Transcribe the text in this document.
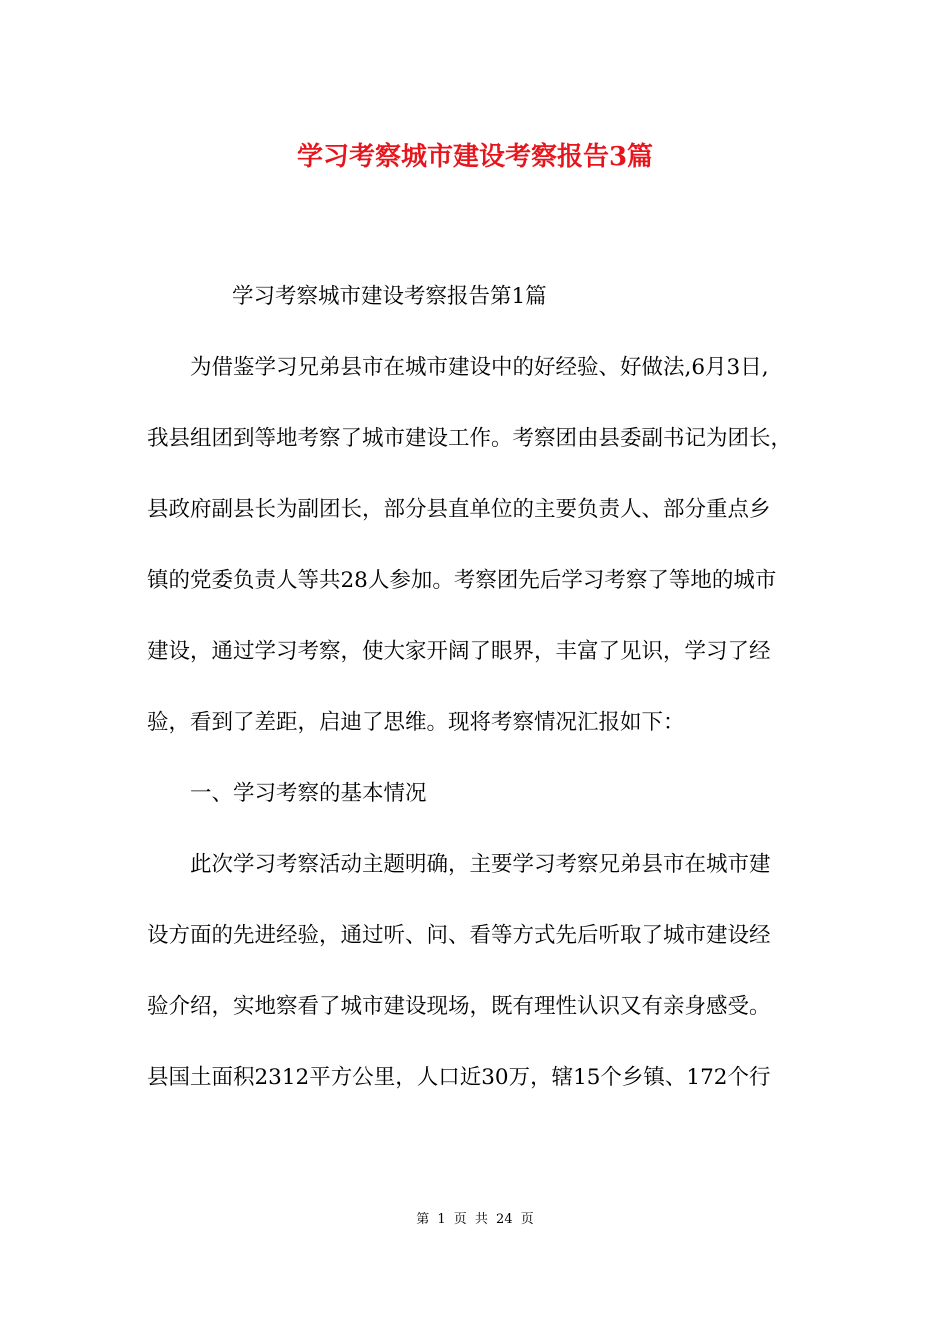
学习考察城市建设考察报告3篇
学习考察城市建设考察报告第1篇
为借鉴学习兄弟县市在城市建设中的好经验、好做法,6月3日,
我县组团到等地考察了城市建设工作。考察团由县委副书记为团长，
县政府副县长为副团长，部分县直单位的主要负责人、部分重点乡
镇的党委负责人等共28人参加。考察团先后学习考察了等地的城市
建设，通过学习考察，使大家开阔了眼界，丰富了见识，学习了经
验，看到了差距，启迪了思维。现将考察情况汇报如下：
一、学习考察的基本情况
此次学习考察活动主题明确，主要学习考察兄弟县市在城市建
设方面的先进经验，通过听、问、看等方式先后听取了城市建设经
验介绍，实地察看了城市建设现场，既有理性认识又有亲身感受。
县国土面积2312平方公里，人口近30万，辖15个乡镇、172个行
第 1 页 共 24 页
